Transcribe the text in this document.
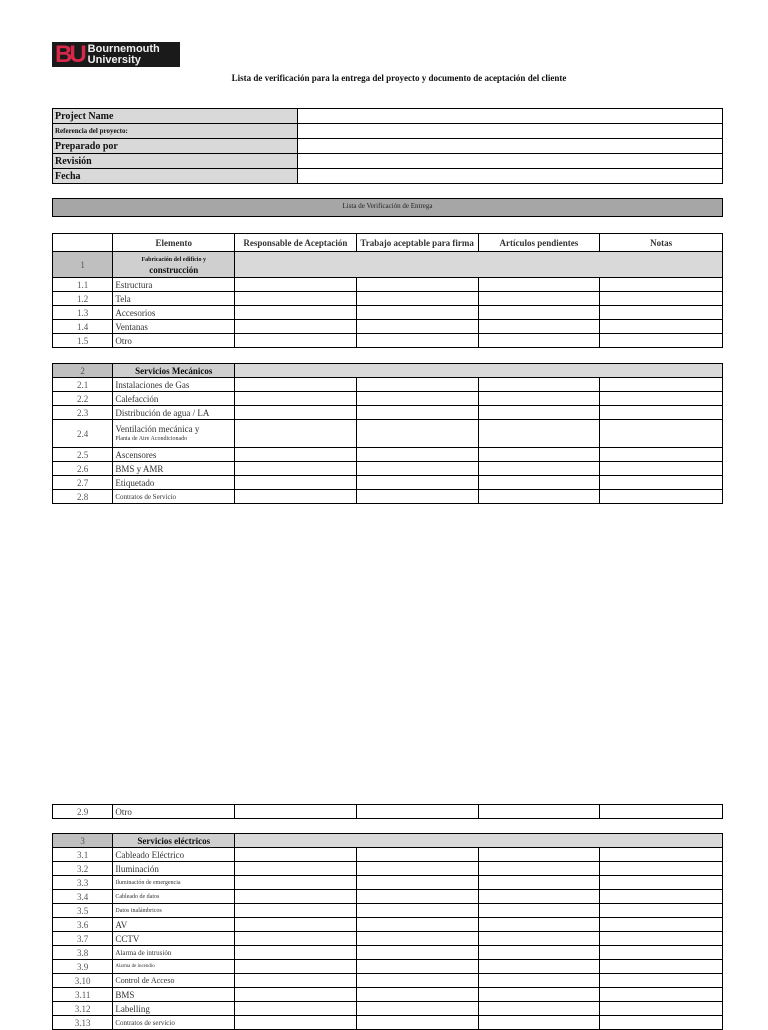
BU Bournemouth
University
Lista de verificación para la entrega del proyecto y documento de aceptación del cliente
Project Name	
Referencia del proyecto:	
Preparado por	
Revisión	
Fecha	
Lista de Verificación de Entrega
	Elemento	Responsable de Aceptación	Trabajo aceptable para firma	Artículos pendientes	Notas
1	Fabricación del edificio y
construcción				

1.1	Estructura				
1.2	Tela				
1.3	Accesorios				
1.4	Ventanas				
1.5	Otro				
2	Servicios Mecánicos				
2.1	Instalaciones de Gas				
2.2	Calefacción				
2.3	Distribución de agua / LA				
2.4	Ventilación mecánica y
Planta de Aire Acondicionado				

2.5	Ascensores				
2.6	BMS y AMR				
2.7	Etiquetado				
2.8	Contratos de Servicio				
2.9	Otro				
3	Servicios eléctricos				
3.1	Cableado Eléctrico				
3.2	Iluminación				
3.3	Iluminación de emergencia				
3.4	Cableado de datos				
3.5	Datos inalámbricos				
3.6	AV				
3.7	CCTV				
3.8	Alarma de intrusión				
3.9	Alarma de incendio				
3.10	Control de Acceso				
3.11	BMS				
3.12	Labelling				
3.13	Contratos de servicio				
